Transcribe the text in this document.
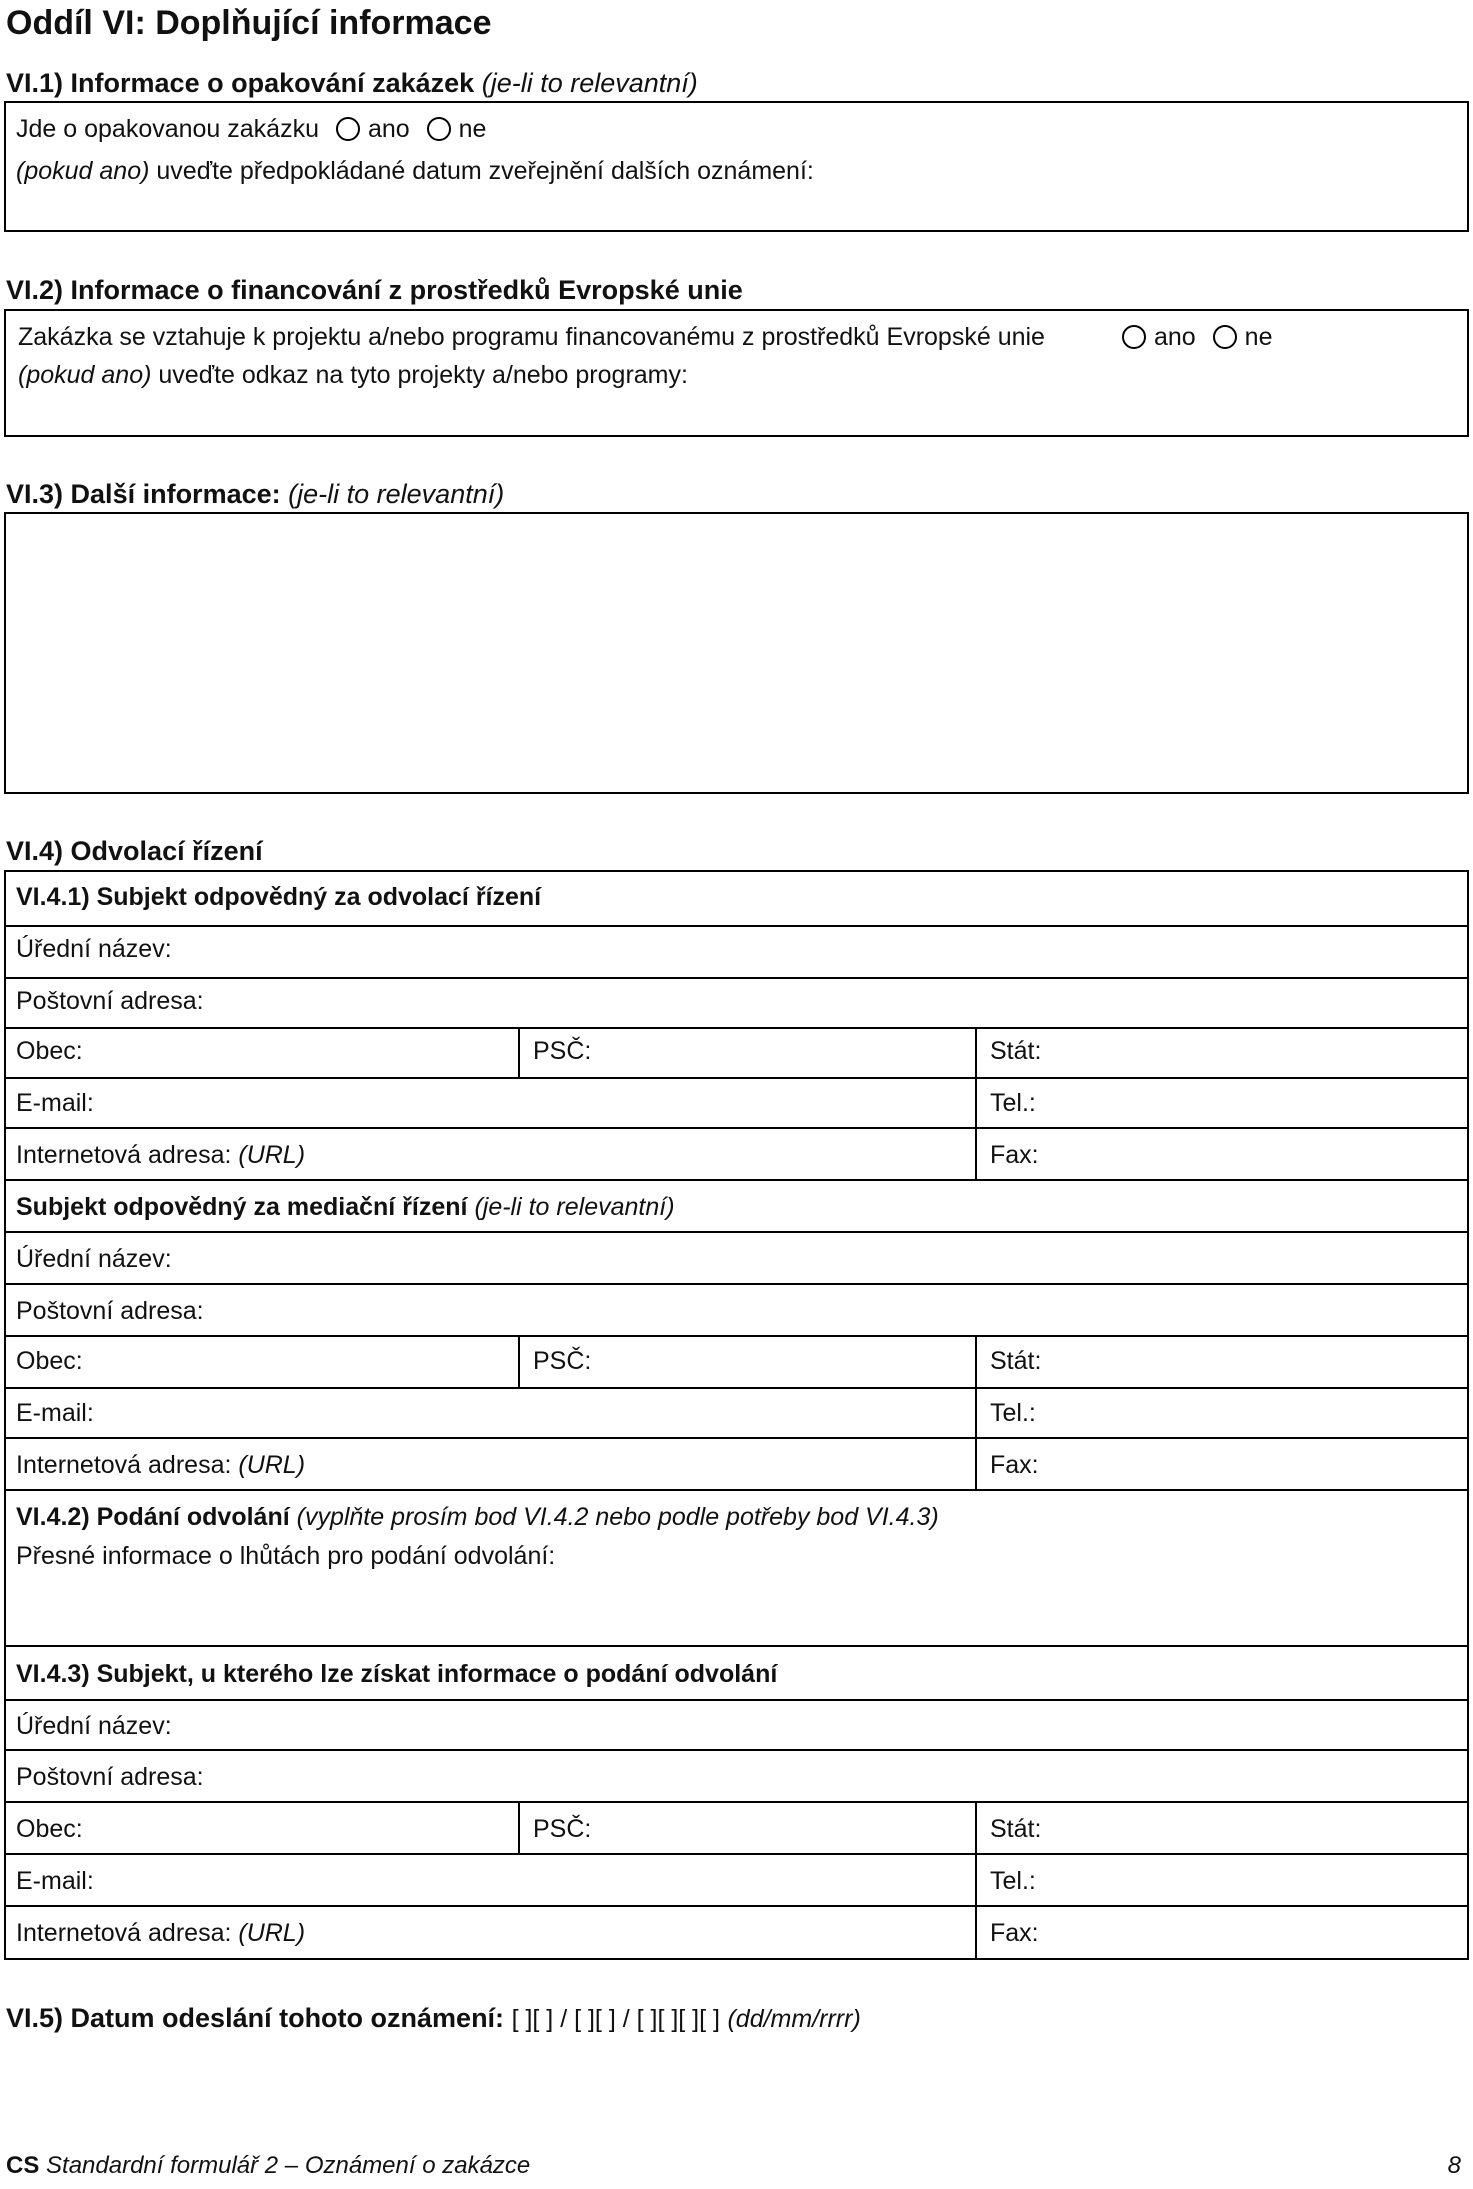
Oddíl VI: Doplňující informace
VI.1) Informace o opakování zakázek (je-li to relevantní)
Jde o opakovanou zakázku ano ne
(pokud ano) uveďte předpokládané datum zveřejnění dalších oznámení:
VI.2) Informace o financování z prostředků Evropské unie
Zakázka se vztahuje k projektu a/nebo programu financovanému z prostředků Evropské unie	ano ne
(pokud ano) uveďte odkaz na tyto projekty a/nebo programy:
VI.3) Další informace: (je-li to relevantní)
VI.4) Odvolací řízení
VI.4.1) Subjekt odpovědný za odvolací řízení
Úřední název:
Poštovní adresa:
Obec:	PSČ:	Stát:
E-mail:	Tel.:
Internetová adresa: (URL)	Fax:
Subjekt odpovědný za mediační řízení (je-li to relevantní)
Úřední název:
Poštovní adresa:
Obec:	PSČ:	Stát:
E-mail:	Tel.:
Internetová adresa: (URL)	Fax:
VI.4.2) Podání odvolání (vyplňte prosím bod VI.4.2 nebo podle potřeby bod VI.4.3)
Přesné informace o lhůtách pro podání odvolání:
VI.4.3) Subjekt, u kterého lze získat informace o podání odvolání
Úřední název:
Poštovní adresa:
Obec:	PSČ:	Stát:
E-mail:	Tel.:
Internetová adresa: (URL)	Fax:
VI.5) Datum odeslání tohoto oznámení: [ ][ ] / [ ][ ] / [ ][ ][ ][ ] (dd/mm/rrrr)
CS Standardní formulář 2 – Oznámení o zakázce	8
